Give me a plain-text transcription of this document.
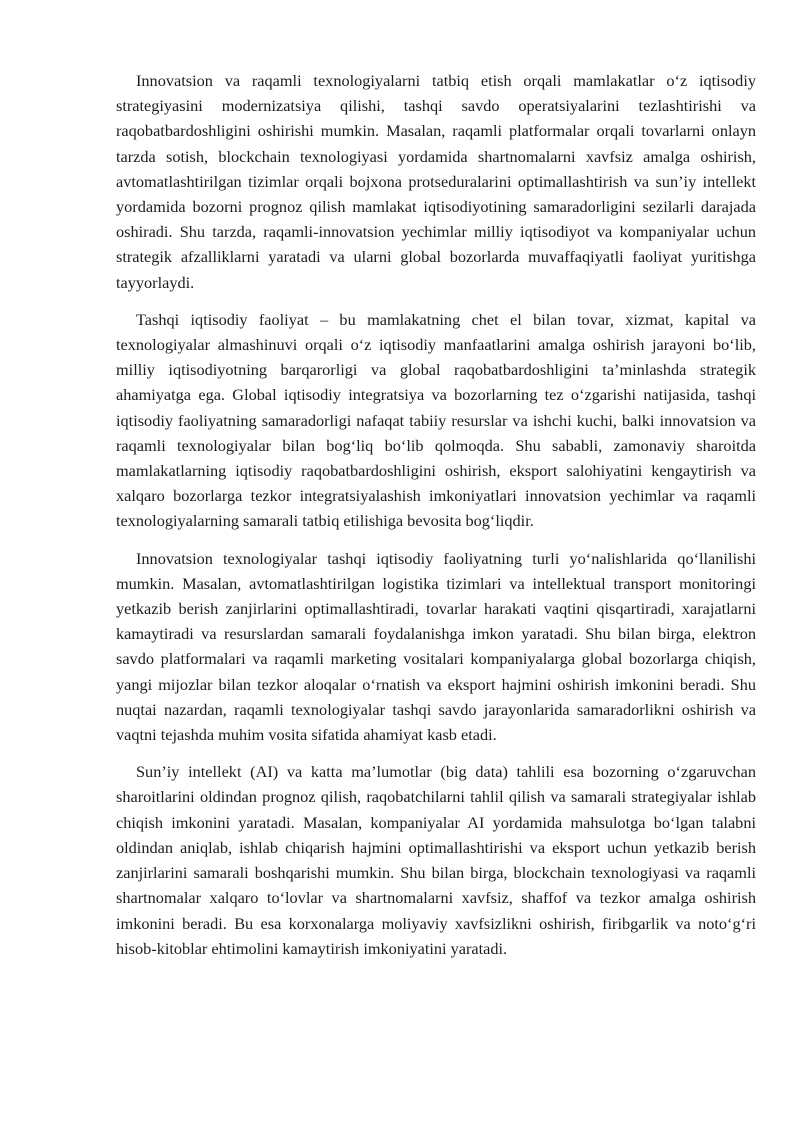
Innovatsion va raqamli texnologiyalarni tatbiq etish orqali mamlakatlar o‘z iqtisodiy strategiyasini modernizatsiya qilishi, tashqi savdo operatsiyalarini tezlashtirishi va raqobatbardoshligini oshirishi mumkin. Masalan, raqamli platformalar orqali tovarlarni onlayn tarzda sotish, blockchain texnologiyasi yordamida shartnomalarni xavfsiz amalga oshirish, avtomatlashtirilgan tizimlar orqali bojxona protseduralarini optimallashtirish va sun’iy intellekt yordamida bozorni prognoz qilish mamlakat iqtisodiyotining samaradorligini sezilarli darajada oshiradi. Shu tarzda, raqamli-innovatsion yechimlar milliy iqtisodiyot va kompaniyalar uchun strategik afzalliklarni yaratadi va ularni global bozorlarda muvaffaqiyatli faoliyat yuritishga tayyorlaydi.

Tashqi iqtisodiy faoliyat – bu mamlakatning chet el bilan tovar, xizmat, kapital va texnologiyalar almashinuvi orqali o‘z iqtisodiy manfaatlarini amalga oshirish jarayoni bo‘lib, milliy iqtisodiyotning barqarorligi va global raqobatbardoshligini ta’minlashda strategik ahamiyatga ega. Global iqtisodiy integratsiya va bozorlarning tez o‘zgarishi natijasida, tashqi iqtisodiy faoliyatning samaradorligi nafaqat tabiiy resurslar va ishchi kuchi, balki innovatsion va raqamli texnologiyalar bilan bog‘liq bo‘lib qolmoqda. Shu sababli, zamonaviy sharoitda mamlakatlarning iqtisodiy raqobatbardoshligini oshirish, eksport salohiyatini kengaytirish va xalqaro bozorlarga tezkor integratsiyalashish imkoniyatlari innovatsion yechimlar va raqamli texnologiyalarning samarali tatbiq etilishiga bevosita bog‘liqdir.

Innovatsion texnologiyalar tashqi iqtisodiy faoliyatning turli yo‘nalishlarida qo‘llanilishi mumkin. Masalan, avtomatlashtirilgan logistika tizimlari va intellektual transport monitoringi yetkazib berish zanjirlarini optimallashtiradi, tovarlar harakati vaqtini qisqartiradi, xarajatlarni kamaytiradi va resurslardan samarali foydalanishga imkon yaratadi. Shu bilan birga, elektron savdo platformalari va raqamli marketing vositalari kompaniyalarga global bozorlarga chiqish, yangi mijozlar bilan tezkor aloqalar o‘rnatish va eksport hajmini oshirish imkonini beradi. Shu nuqtai nazardan, raqamli texnologiyalar tashqi savdo jarayonlarida samaradorlikni oshirish va vaqtni tejashda muhim vosita sifatida ahamiyat kasb etadi.

Sun’iy intellekt (AI) va katta ma’lumotlar (big data) tahlili esa bozorning o‘zgaruvchan sharoitlarini oldindan prognoz qilish, raqobatchilarni tahlil qilish va samarali strategiyalar ishlab chiqish imkonini yaratadi. Masalan, kompaniyalar AI yordamida mahsulotga bo‘lgan talabni oldindan aniqlab, ishlab chiqarish hajmini optimallashtirishi va eksport uchun yetkazib berish zanjirlarini samarali boshqarishi mumkin. Shu bilan birga, blockchain texnologiyasi va raqamli shartnomalar xalqaro to‘lovlar va shartnomalarni xavfsiz, shaffof va tezkor amalga oshirish imkonini beradi. Bu esa korxonalarga moliyaviy xavfsizlikni oshirish, firibgarlik va noto‘g‘ri hisob-kitoblar ehtimolini kamaytirish imkoniyatini yaratadi.
